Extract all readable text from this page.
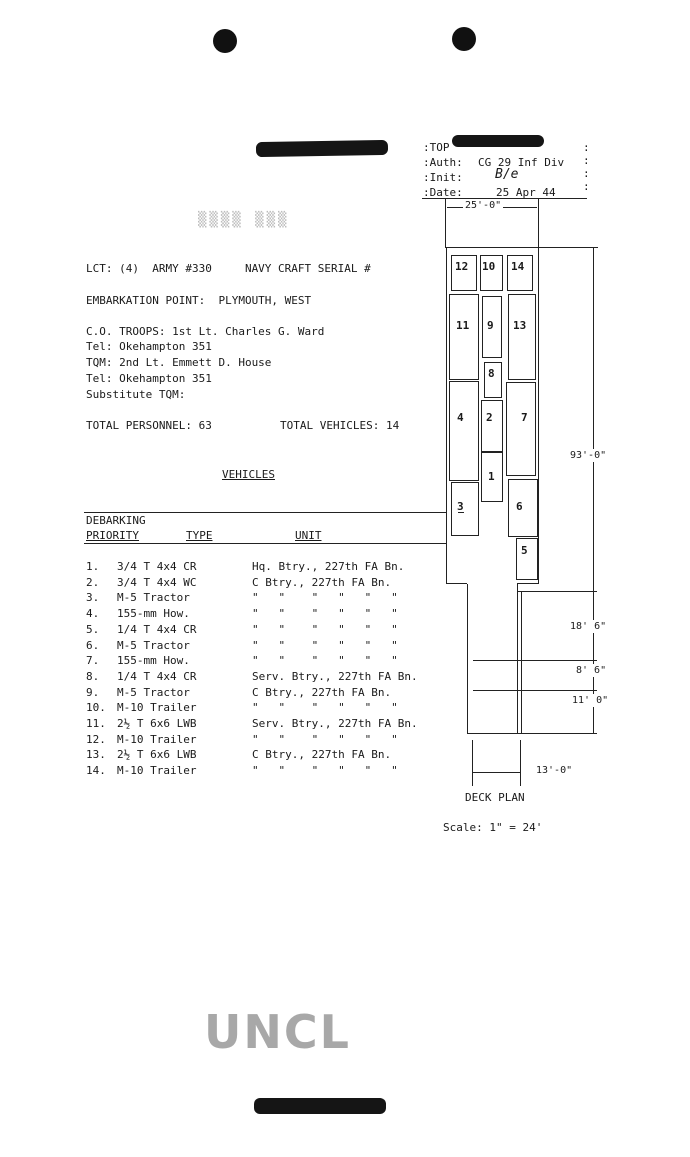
▒▒▒▒ ▒▒▒
:TOP
:Auth: CG 29 Inf Div
:Init: B/e
:Date:	25 Apr 44
:
:
:
:
LCT: (4)  ARMY #330     NAVY CRAFT SERIAL #
EMBARKATION POINT:  PLYMOUTH, WEST
C.O. TROOPS: 1st Lt. Charles G. Ward
Tel: Okehampton 351
TQM: 2nd Lt. Emmett D. House
Tel: Okehampton 351
Substitute TQM:
TOTAL PERSONNEL: 63	TOTAL VEHICLES: 14
VEHICLES
DEBARKING
PRIORITY	TYPE	UNIT
1. 3/4 T 4x4 CR	Hq. Btry., 227th FA Bn.
2. 3/4 T 4x4 WC	C Btry., 227th FA Bn.
3. M-5 Tractor	"   "    "   "   "   "
4. 155-mm How.	"   "    "   "   "   "
5. 1/4 T 4x4 CR	"   "    "   "   "   "
6. M-5 Tractor	"   "    "   "   "   "
7. 155-mm How.	"   "    "   "   "   "
8. 1/4 T 4x4 CR	Serv. Btry., 227th FA Bn.
9. M-5 Tractor	C Btry., 227th FA Bn.
10. M-10 Trailer	"   "    "   "   "   "
11. 2½ T 6x6 LWB	Serv. Btry., 227th FA Bn.
12. M-10 Trailer	"   "    "   "   "   "
13. 2½ T 6x6 LWB	C Btry., 227th FA Bn.
14. M-10 Trailer	"   "    "   "   "   "
25'-0"
12 10 14
11 9 13
8
4 2	7
1
3	6
5
93'-0"
18' 6"
8' 6"
11' 0"
13'-0"
DECK PLAN
Scale: 1" = 24'
UNCL
